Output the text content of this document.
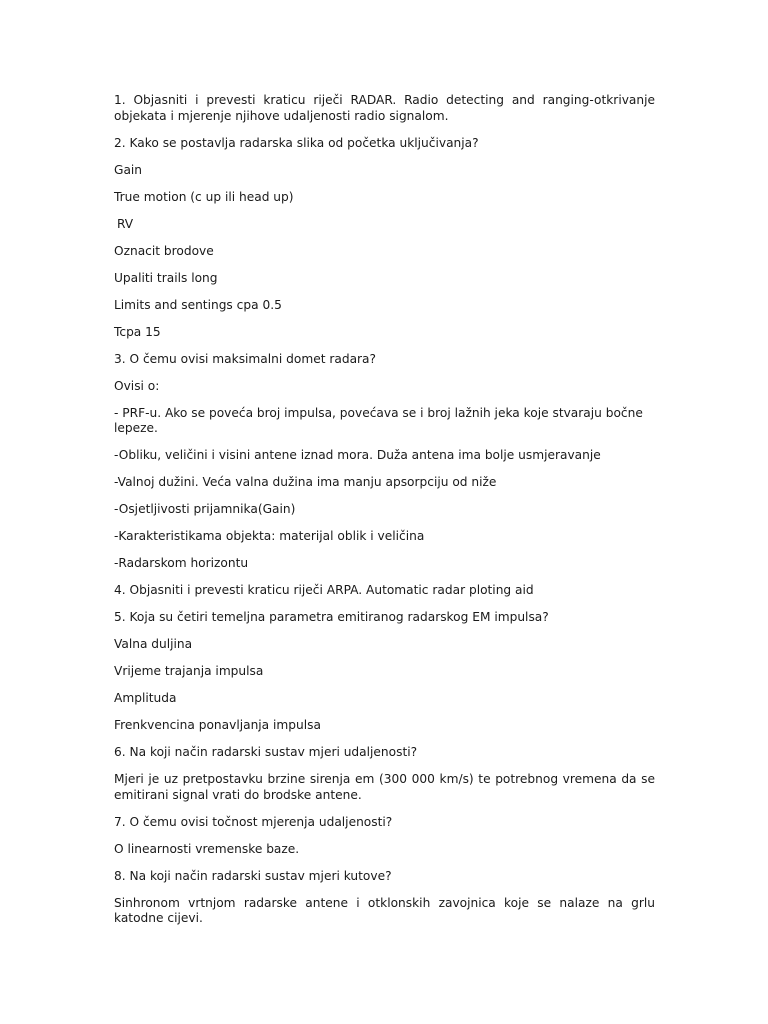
1. Objasniti i prevesti kraticu riječi RADAR. Radio detecting and ranging-otkrivanje objekata i mjerenje njihove udaljenosti radio signalom.

2. Kako se postavlja radarska slika od početka uključivanja?

Gain

True motion (c up ili head up)

RV

Oznacit brodove

Upaliti trails long

Limits and sentings cpa 0.5

Tcpa 15

3. O čemu ovisi maksimalni domet radara?

Ovisi o:

- PRF-u. Ako se poveća broj impulsa, povećava se i broj lažnih jeka koje stvaraju bočne lepeze.

-Obliku, veličini i visini antene iznad mora. Duža antena ima bolje usmjeravanje

-Valnoj dužini. Veća valna dužina ima manju apsorpciju od niže

-Osjetljivosti prijamnika(Gain)

-Karakteristikama objekta: materijal oblik i veličina

-Radarskom horizontu

4. Objasniti i prevesti kraticu riječi ARPA. Automatic radar ploting aid

5. Koja su četiri temeljna parametra emitiranog radarskog EM impulsa?

Valna duljina

Vrijeme trajanja impulsa

Amplituda

Frenkvencina ponavljanja impulsa

6. Na koji način radarski sustav mjeri udaljenosti?

Mjeri je uz pretpostavku brzine sirenja em (300 000 km/s) te potrebnog vremena da se emitirani signal vrati do brodske antene.

7. O čemu ovisi točnost mjerenja udaljenosti?

O linearnosti vremenske baze.

8. Na koji način radarski sustav mjeri kutove?

Sinhronom vrtnjom radarske antene i otklonskih zavojnica koje se nalaze na grlu katodne cijevi.
